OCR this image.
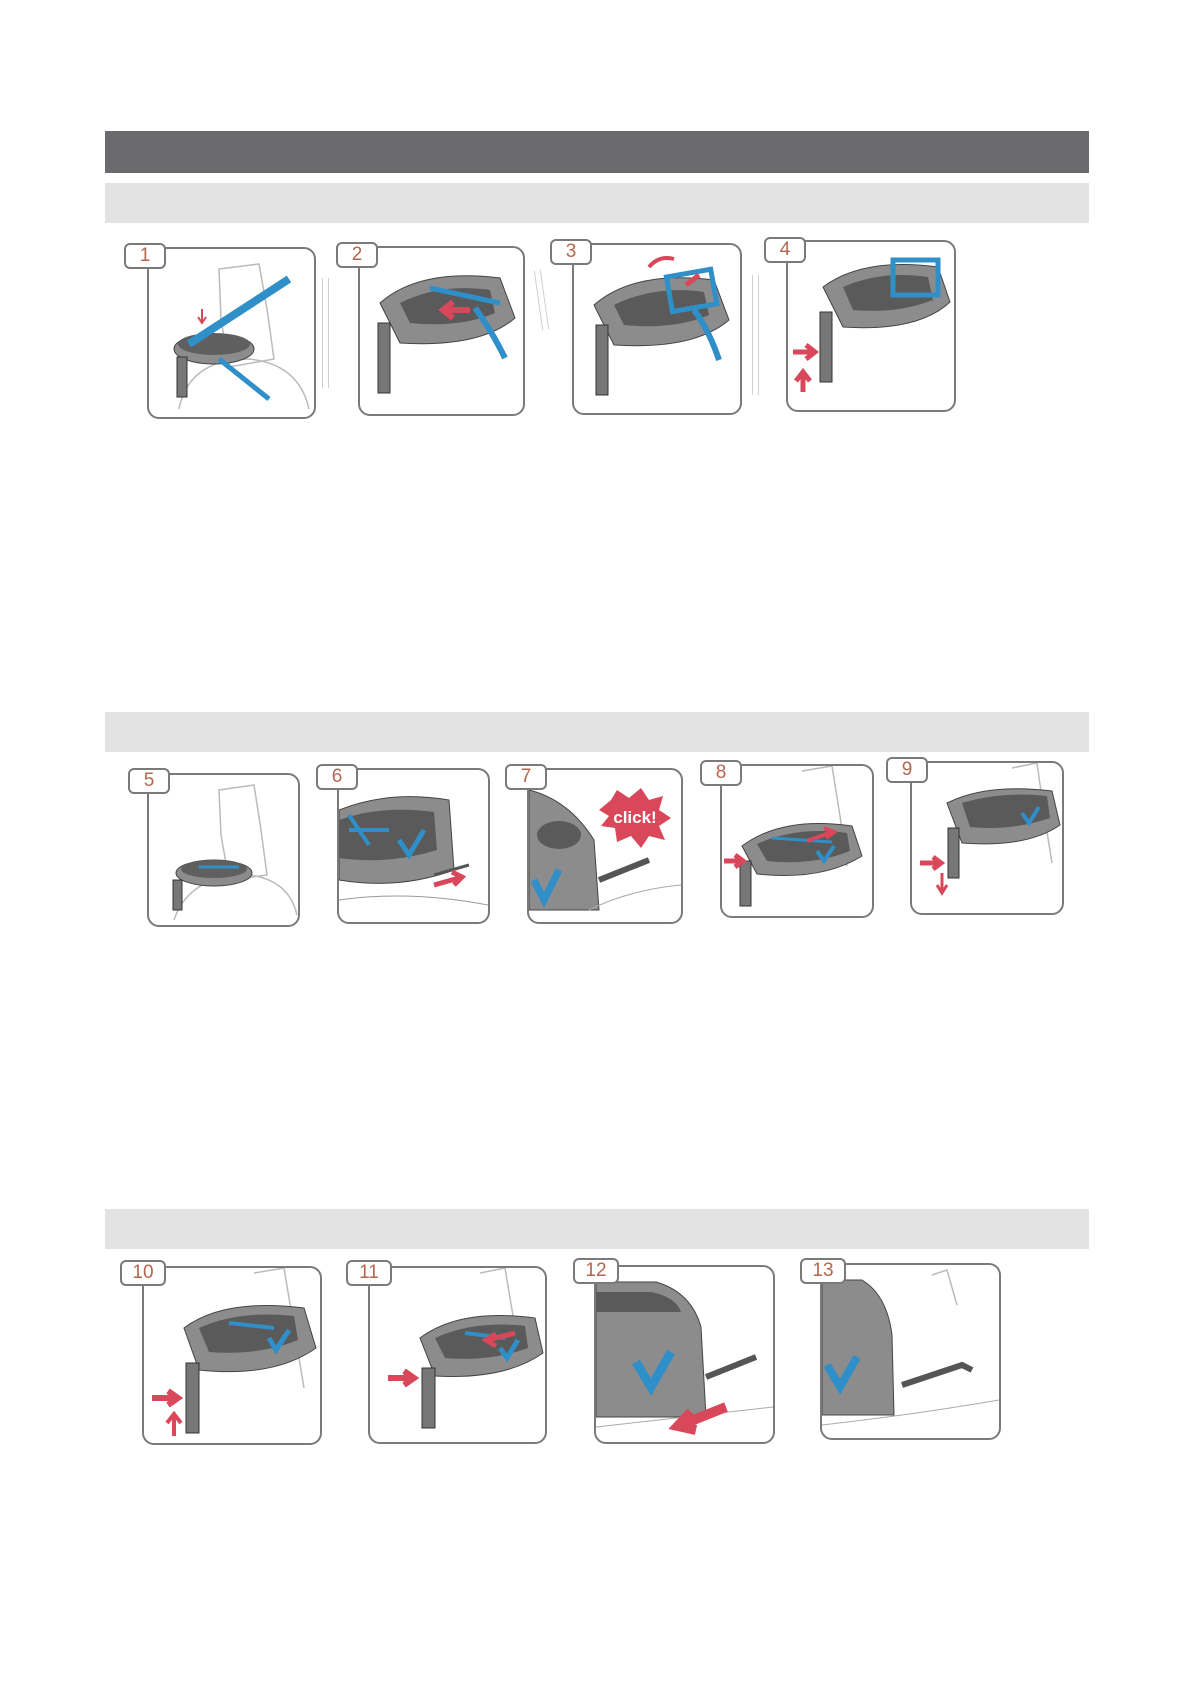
1	2	3	4
5	6
click!
7	8	9
10	11	12	13
